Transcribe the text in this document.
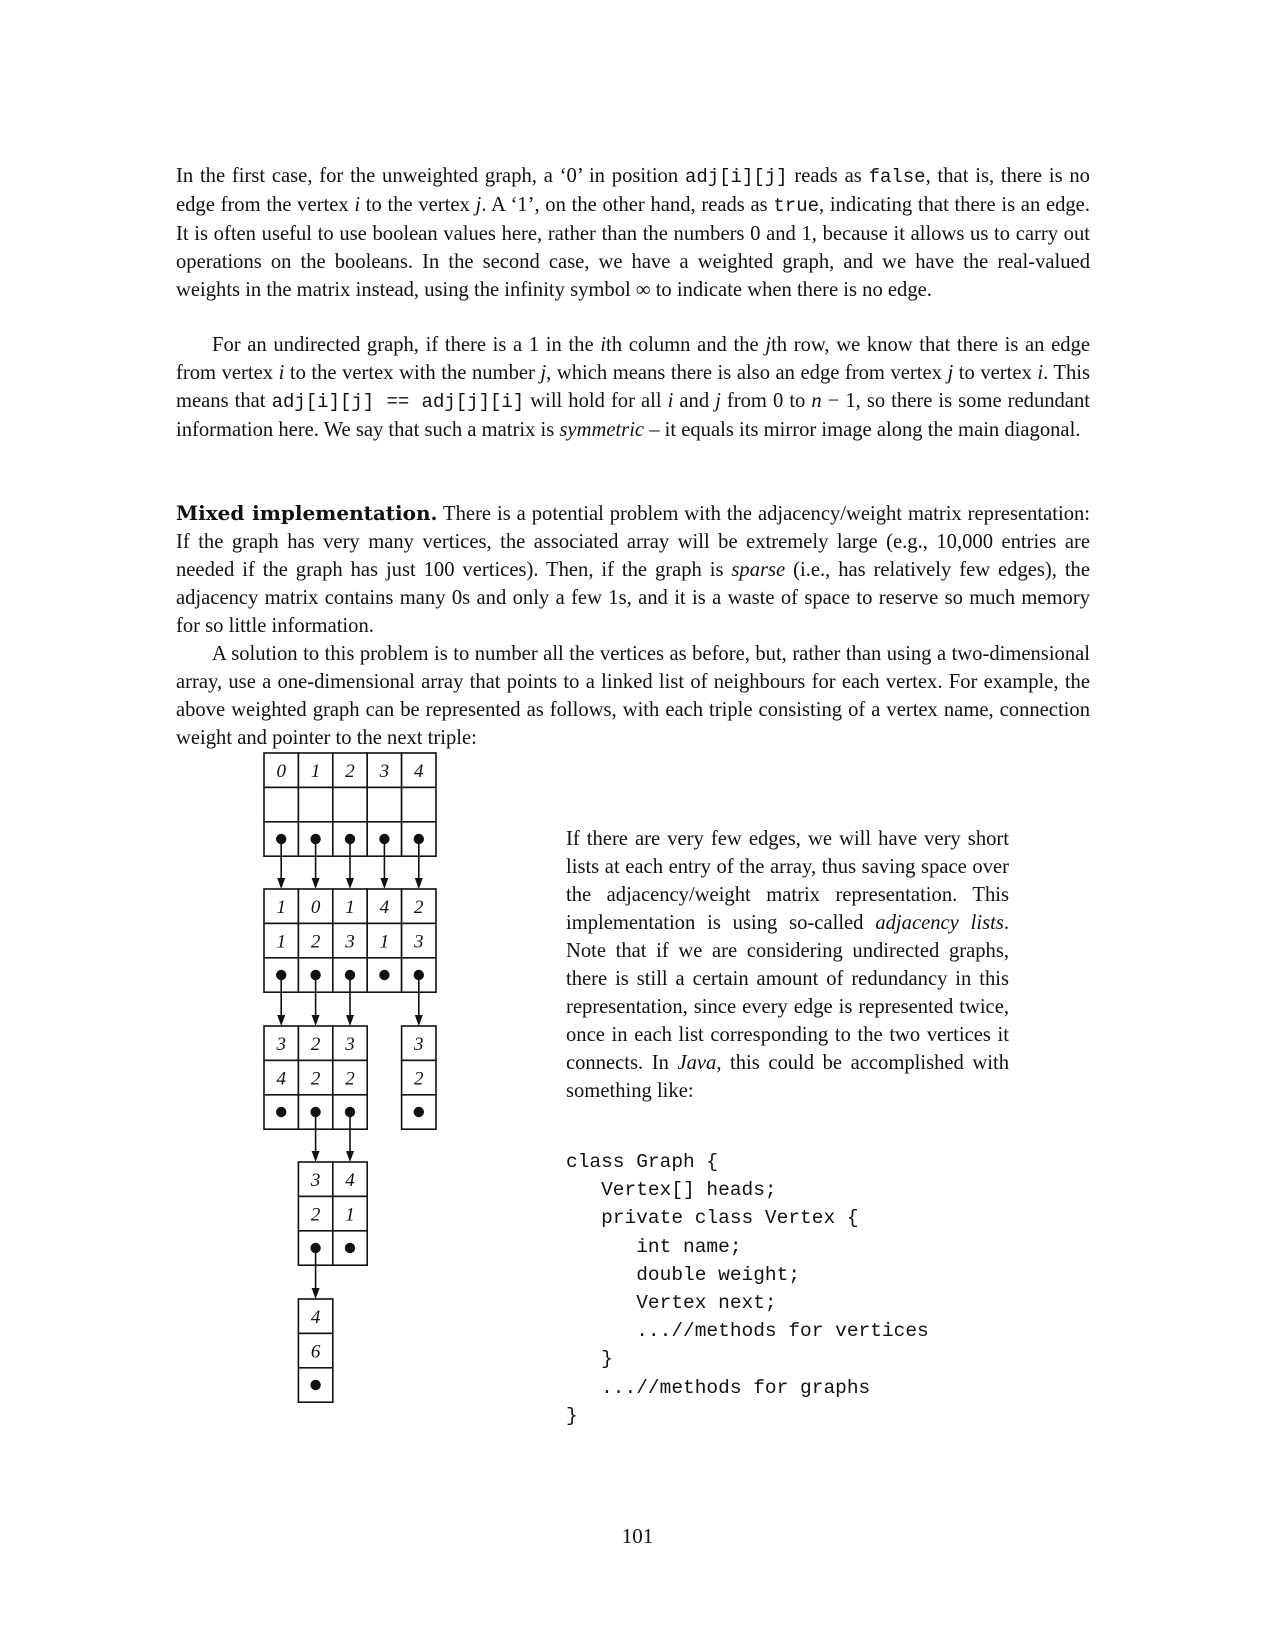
In the first case, for the unweighted graph, a ‘0’ in position adj[i][j] reads as false, that is, there is no edge from the vertex i to the vertex j. A ‘1’, on the other hand, reads as true, indicating that there is an edge. It is often useful to use boolean values here, rather than the numbers 0 and 1, because it allows us to carry out operations on the booleans. In the second case, we have a weighted graph, and we have the real-valued weights in the matrix instead, using the infinity symbol ∞ to indicate when there is no edge.

For an undirected graph, if there is a 1 in the ith column and the jth row, we know that there is an edge from vertex i to the vertex with the number j, which means there is also an edge from vertex j to vertex i. This means that adj[i][j] == adj[j][i] will hold for all i and j from 0 to n − 1, so there is some redundant information here. We say that such a matrix is symmetric – it equals its mirror image along the main diagonal.

Mixed implementation. There is a potential problem with the adjacency/weight matrix representation: If the graph has very many vertices, the associated array will be extremely large (e.g., 10,000 entries are needed if the graph has just 100 vertices). Then, if the graph is sparse (i.e., has relatively few edges), the adjacency matrix contains many 0s and only a few 1s, and it is a waste of space to reserve so much memory for so little information.

A solution to this problem is to number all the vertices as before, but, rather than using a two-dimensional array, use a one-dimensional array that points to a linked list of neighbours for each vertex. For example, the above weighted graph can be represented as follows, with each triple consisting of a vertex name, connection weight and pointer to the next triple:

0 1 2 3 4
1
1
0
2
1
3
4
1
2
3
3
4
2
2
3
2
3
2
3
2
4
1
4
6

If there are very few edges, we will have very short lists at each entry of the array, thus saving space over the adjacency/weight matrix representation. This implementation is using so-called adjacency lists. Note that if we are considering undirected graphs, there is still a certain amount of redundancy in this representation, since every edge is represented twice, once in each list corresponding to the two vertices it connects. In Java, this could be accomplished with something like:

class Graph {
Vertex[] heads;
private class Vertex {
int name;
double weight;
Vertex next;
...//methods for vertices
}
...//methods for graphs
}
101
